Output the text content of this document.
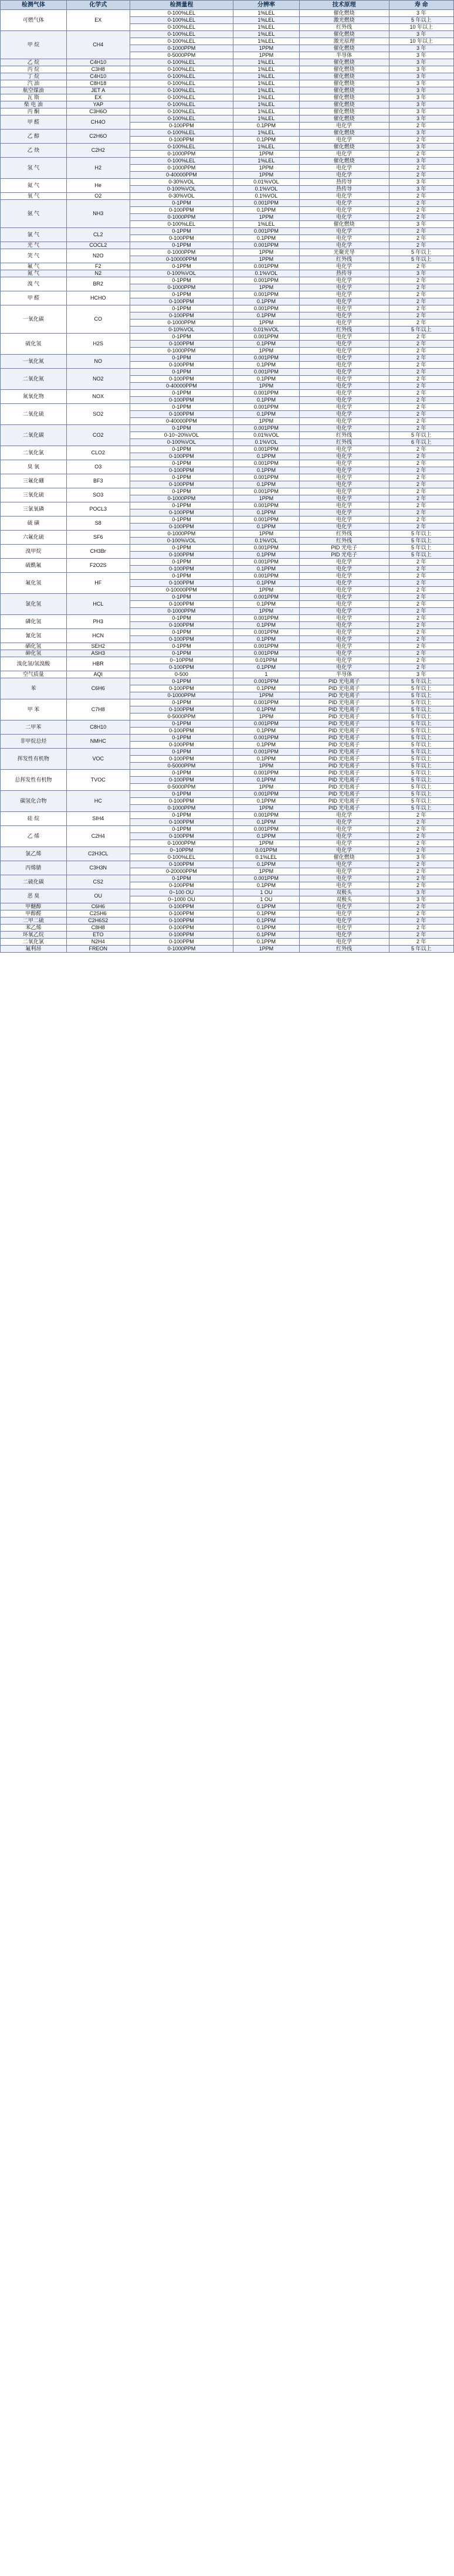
检测气体	化学式	检测量程	分辨率	技术原理	寿 命
可燃气体	EX	0-100%LEL	1%LEL	催化燃烧	3 年
		0-100%LEL	1%LEL	激光燃烧	5 年以上
		0-100%LEL	1%LEL	红外线	10 年以上
甲 烷	CH4	0-100%LEL	1%LEL	催化燃烧	3 年
		0-100%LEL	1%LEL	激光原理	10 年以上
		0-1000PPM	1PPM	催化燃烧	3 年
		0-5000PPM	1PPM	半导体	3 年
乙 烷	C4H10	0-100%LEL	1%LEL	催化燃烧	3 年
丙 烷	C3H8	0-100%LEL	1%LEL	催化燃烧	3 年
丁 烷	C4H10	0-100%LEL	1%LEL	催化燃烧	3 年
汽 油	C8H18	0-100%LEL	1%LEL	催化燃烧	3 年
航空煤油	JET A	0-100%LEL	1%LEL	催化燃烧	3 年
瓦 斯	EX	0-100%LEL	1%LEL	催化燃烧	3 年
柴 电 油	YAP	0-100%LEL	1%LEL	催化燃烧	3 年
丙 酮	C3H6O	0-100%LEL	1%LEL	催化燃烧	3 年
甲 醛	CH4O	0-100%LEL	1%LEL	催化燃烧	3 年
		0-100PPM	0.1PPM	电化学	2 年
乙 醇	C2H6O	0-100%LEL	1%LEL	催化燃烧	3 年
		0-100PPM	0.1PPM	电化学	2 年
乙 炔	C2H2	0-100%LEL	1%LEL	催化燃烧	3 年
		0-1000PPM	1PPM	电化学	2 年
氢 气	H2	0-100%LEL	1%LEL	催化燃烧	3 年
		0-1000PPM	1PPM	电化学	2 年
		0-40000PPM	1PPM	电化学	2 年
氦 气	He	0-30%VOL	0.01%VOL	热传导	3 年
		0-100%VOL	0.1%VOL	热传导	3 年
氧 气	O2	0-30%VOL	0.1%VOL	电化学	2 年
氨 气	NH3	0-1PPM	0.001PPM	电化学	2 年
		0-100PPM	0.1PPM	电化学	2 年
		0-1000PPM	1PPM	电化学	2 年
		0-100%LEL	1%LEL	催化燃烧	3 年
氯 气	CL2	0-1PPM	0.001PPM	电化学	2 年
		0-100PPM	0.1PPM	电化学	2 年
光 气	COCL2	0-1PPM	0.001PPM	电化学	2 年
笑 气	N2O	0-1000PPM	1PPM	光聚光导	5 年以上
		0-10000PPM	1PPM	红外线	5 年以上
氟 气	F2	0-1PPM	0.001PPM	电化学	2 年
氮 气	N2	0-100%VOL	0.1%VOL	热传导	3 年
溴 气	BR2	0-1PPM	0.001PPM	电化学	2 年
		0-1000PPM	1PPM	电化学	2 年
甲 醛	HCHO	0-1PPM	0.001PPM	电化学	2 年
		0-100PPM	0.1PPM	电化学	2 年
一氧化碳	CO	0-1PPM	0.001PPM	电化学	2 年
		0-100PPM	0.1PPM	电化学	2 年
		0-1000PPM	1PPM	电化学	2 年
		0-10%VOL	0.01%VOL	红外线	5 年以上
硫化氢	H2S	0-1PPM	0.001PPM	电化学	2 年
		0-100PPM	0.1PPM	电化学	2 年
		0-1000PPM	1PPM	电化学	2 年
一氧化氮	NO	0-1PPM	0.001PPM	电化学	2 年
		0-100PPM	0.1PPM	电化学	2 年
二氧化氮	NO2	0-1PPM	0.001PPM	电化学	2 年
		0-100PPM	0.1PPM	电化学	2 年
		0-40000PPM	1PPM	电化学	2 年
氮氧化物	NOX	0-1PPM	0.001PPM	电化学	2 年
		0-100PPM	0.1PPM	电化学	2 年
二氧化硫	SO2	0-1PPM	0.001PPM	电化学	2 年
		0-100PPM	0.1PPM	电化学	2 年
		0-40000PPM	1PPM	电化学	2 年
二氧化碳	CO2	0-1PPM	0.001PPM	电化学	2 年
		0-10~20%VOL	0.01%VOL	红外线	5 年以上
		0-100%VOL	0.1%VOL	红外线	6 年以上
二氧化氯	CLO2	0-1PPM	0.001PPM	电化学	2 年
		0-100PPM	0.1PPM	电化学	2 年
臭 氧	O3	0-1PPM	0.001PPM	电化学	2 年
		0-100PPM	0.1PPM	电化学	2 年
三氟化硼	BF3	0-1PPM	0.001PPM	电化学	2 年
		0-100PPM	0.1PPM	电化学	2 年
三氧化硫	SO3	0-1PPM	0.001PPM	电化学	2 年
		0-1000PPM	1PPM	电化学	2 年
三氯氧磷	POCL3	0-1PPM	0.001PPM	电化学	2 年
		0-100PPM	0.1PPM	电化学	2 年
硫 磺	S8	0-1PPM	0.001PPM	电化学	2 年
		0-100PPM	0.1PPM	电化学	2 年
六氟化硫	SF6	0-1000PPM	1PPM	红外线	5 年以上
		0-100%VOL	0.1%VOL	红外线	5 年以上
溴甲烷	CH3Br	0-1PPM	0.001PPM	PID 光电子	5 年以上
		0-100PPM	0.1PPM	PID 光电子	5 年以上
硫酰氟	F2O2S	0-1PPM	0.001PPM	电化学	2 年
		0-100PPM	0.1PPM	电化学	2 年
氟化氢	HF	0-1PPM	0.001PPM	电化学	2 年
		0-100PPM	0.1PPM	电化学	2 年
		0-10000PPM	1PPM	电化学	2 年
氯化氢	HCL	0-1PPM	0.001PPM	电化学	2 年
		0-100PPM	0.1PPM	电化学	2 年
		0-1000PPM	1PPM	电化学	2 年
磷化氢	PH3	0-1PPM	0.001PPM	电化学	2 年
		0-100PPM	0.1PPM	电化学	2 年
氰化氢	HCN	0-1PPM	0.001PPM	电化学	2 年
		0-100PPM	0.1PPM	电化学	2 年
硒化氢	SEH2	0-1PPM	0.001PPM	电化学	2 年
砷化氢	ASH3	0-1PPM	0.001PPM	电化学	2 年
溴化氢/氢溴酸	HBR	0~10PPM	0.01PPM	电化学	2 年
		0-100PPM	0.1PPM	电化学	2 年
空气质量	AQI	0-500	1	半导体	3 年
苯	C6H6	0-1PPM	0.001PPM	PID 光电离子	5 年以上
		0-100PPM	0.1PPM	PID 光电离子	5 年以上
		0-1000PPM	1PPM	PID 光电离子	5 年以上
甲 苯	C7H8	0-1PPM	0.001PPM	PID 光电离子	5 年以上
		0-100PPM	0.1PPM	PID 光电离子	5 年以上
		0-5000PPM	1PPM	PID 光电离子	5 年以上
二甲苯	C8H10	0-1PPM	0.001PPM	PID 光电离子	5 年以上
		0-100PPM	0.1PPM	PID 光电离子	5 年以上
非甲烷总烃	NMHC	0-1PPM	0.001PPM	PID 光电离子	5 年以上
		0-100PPM	0.1PPM	PID 光电离子	5 年以上
挥发性有机物	VOC	0-1PPM	0.001PPM	PID 光电离子	5 年以上
		0-100PPM	0.1PPM	PID 光电离子	5 年以上
		0-5000PPM	1PPM	PID 光电离子	5 年以上
总挥发性有机物	TVOC	0-1PPM	0.001PPM	PID 光电离子	5 年以上
		0-100PPM	0.1PPM	PID 光电离子	5 年以上
		0-5000PPM	1PPM	PID 光电离子	5 年以上
碳氢化合物	HC	0-1PPM	0.001PPM	PID 光电离子	5 年以上
		0-100PPM	0.1PPM	PID 光电离子	5 年以上
		0-1000PPM	1PPM	PID 光电离子	5 年以上
硅 烷	SIH4	0-1PPM	0.001PPM	电化学	2 年
		0-100PPM	0.1PPM	电化学	2 年
乙 烯	C2H4	0-1PPM	0.001PPM	电化学	2 年
		0-100PPM	0.1PPM	电化学	2 年
		0-1000PPM	1PPM	电化学	2 年
氯乙烯	C2H3CL	0~10PPM	0.01PPM	电化学	2 年
		0-100%LEL	0.1%LEL	催化燃烧	3 年
丙烯腈	C3H3N	0-100PPM	0.1PPM	电化学	2 年
		0-20000PPM	1PPM	电化学	2 年
二硫化碳	CS2	0-1PPM	0.001PPM	电化学	2 年
		0-100PPM	0.1PPM	电化学	2 年
恶 臭	OU	0~100 OU	1 OU	双极头	3 年
		0~1000 OU	1 OU	双极头	3 年
甲醚醇	C6H6	0-100PPM	0.1PPM	电化学	2 年
甲醇醛	C2SH6	0-100PPM	0.1PPM	电化学	2 年
二甲二硫	C2H6S2	0-100PPM	0.1PPM	电化学	2 年
苯乙烯	C8H8	0-100PPM	0.1PPM	电化学	2 年
环氧乙烷	ETO	0-100PPM	0.1PPM	电化学	2 年
二氧化氯	N2H4	0-100PPM	0.1PPM	电化学	2 年
氟利昂	FREON	0-1000PPM	1PPM	红外线	5 年以上
